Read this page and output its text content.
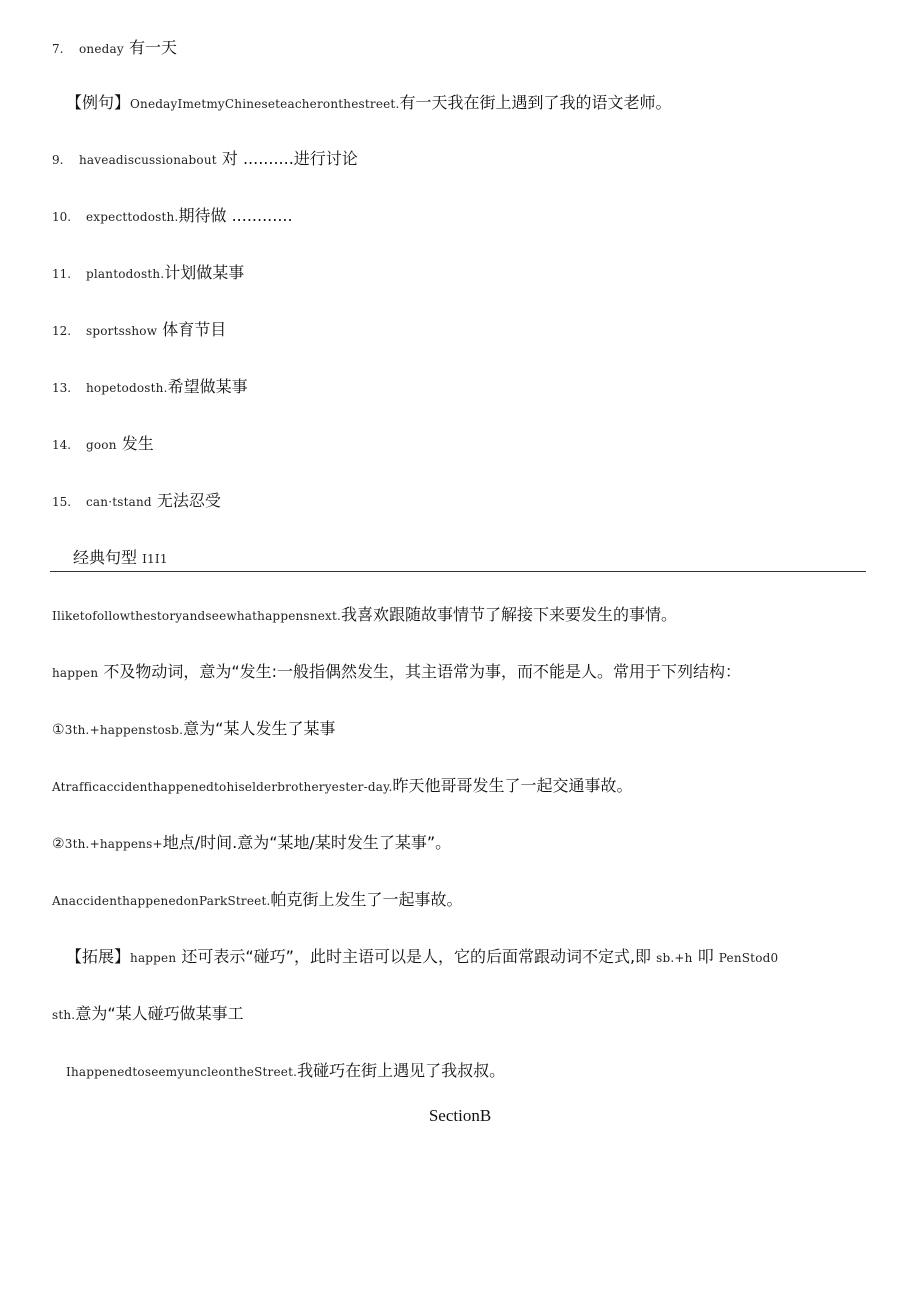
7. oneday 有一天
【例句】OnedayImetmyChineseteacheronthestreet.有一天我在街上遇到了我的语文老师。
9. haveadiscussionabout 对 ..........进行讨论
10. expecttodosth.期待做 ............
11. plantodosth.计划做某事
12. sportsshow 体育节目
13. hopetodosth.希望做某事
14. goon 发生
15. can·tstand 无法忍受
经典句型 I1I1
Iliketofollowthestoryandseewhathappensnext.我喜欢跟随故事情节了解接下来要发生的事情。
happen 不及物动词，意为“发生:一般指偶然发生，其主语常为事，而不能是人。常用于下列结构：
①3th.+happenstosb.意为“某人发生了某事
Atrafficaccidenthappenedtohiselderbrotheryester-day.昨天他哥哥发生了一起交通事故。
②3th.+happens+地点/时间.意为“某地/某时发生了某事”。
AnaccidenthappenedonParkStreet.帕克街上发生了一起事故。
【拓展】happen 还可表示“碰巧”，此时主语可以是人，它的后面常跟动词不定式,即 sb.+h 叩 PenStod0
sth.意为“某人碰巧做某事工
IhappenedtoseemyuncleontheStreet.我碰巧在街上遇见了我叔叔。
SectionB
